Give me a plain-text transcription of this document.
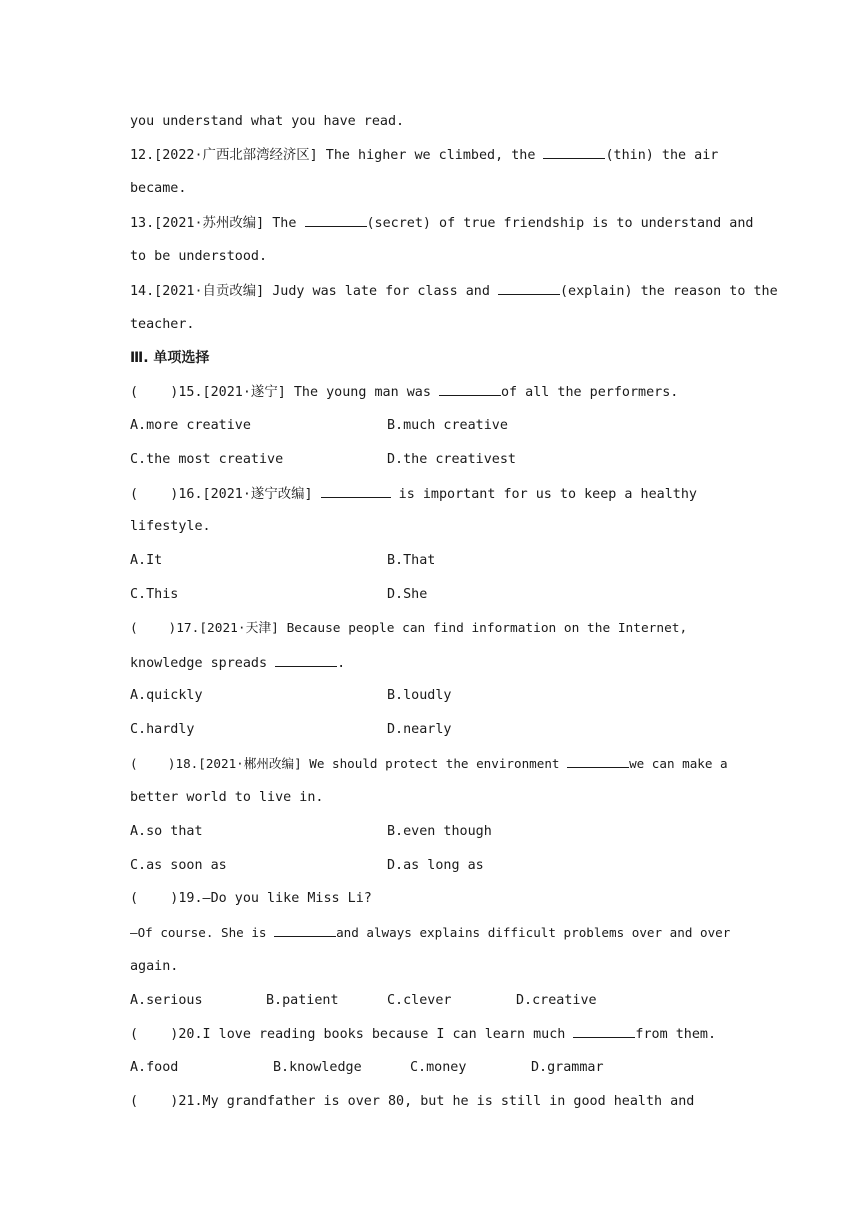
you understand what you have read.
12.[2022·广西北部湾经济区] The higher we climbed, the	(thin) the air
became.
13.[2021·苏州改编] The	(secret) of true friendship is to understand and
to be understood.
14.[2021·自贡改编] Judy was late for class and	(explain) the reason to the
teacher.
Ⅲ. 单项选择
(    )15.[2021·遂宁] The young man was	of all the performers.
A.more creative	B.much creative
C.the most creative	D.the creativest
(    )16.[2021·遂宁改编]	is important for us to keep a healthy
lifestyle.
A.It	B.That
C.This	D.She
(    )17.[2021·天津] Because people can find information on the Internet,
knowledge spreads	.
A.quickly	B.loudly
C.hardly	D.nearly
(    )18.[2021·郴州改编] We should protect the environment	we can make a
better world to live in.
A.so that	B.even though
C.as soon as	D.as long as
(    )19.—Do you like Miss Li?
—Of course. She is	and always explains difficult problems over and over
again.
A.serious	B.patient	C.clever	D.creative
(    )20.I love reading books because I can learn much	from them.
A.food	B.knowledge	C.money	D.grammar
(    )21.My grandfather is over 80, but he is still in good health and
